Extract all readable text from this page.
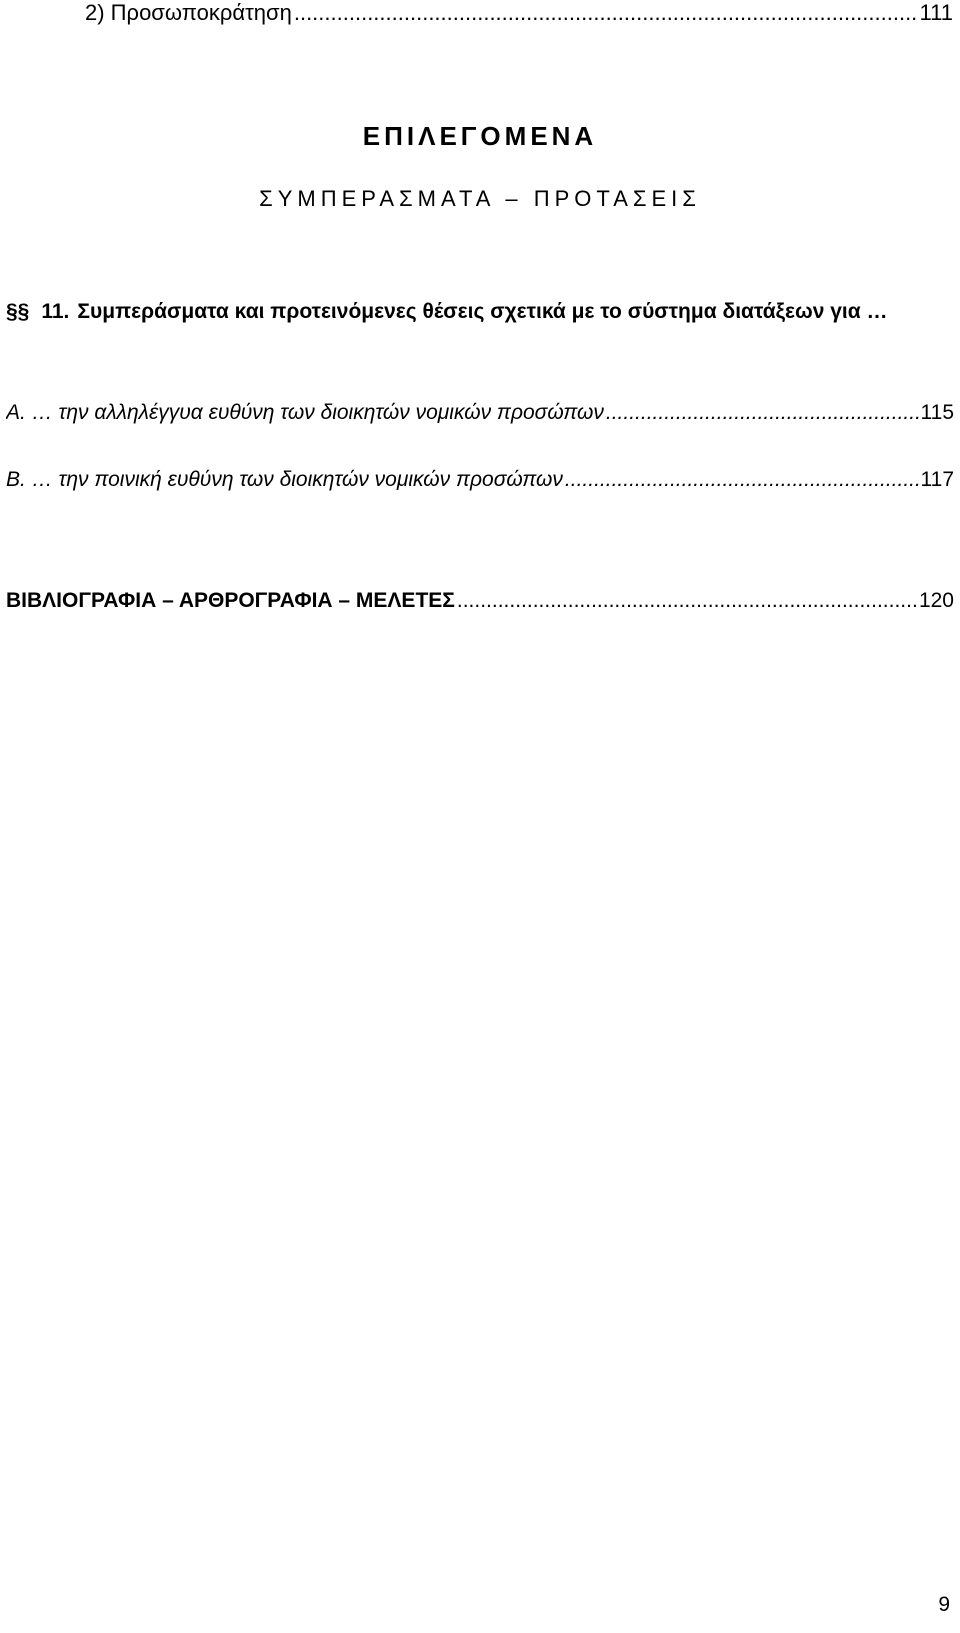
2) Προσωποκράτηση .....	111
ΕΠΙΛΕΓΟΜΕΝΑ
ΣΥΜΠΕΡΑΣΜΑΤΑ – ΠΡΟΤΑΣΕΙΣ
§§ 11. Συμπεράσματα και προτεινόμενες θέσεις σχετικά με το σύστημα διατάξεων για …
Α. … την αλληλέγγυα ευθύνη των διοικητών νομικών προσώπων .....	115
Β. … την ποινική ευθύνη των διοικητών νομικών προσώπων .....	117
ΒΙΒΛΙΟΓΡΑΦΙΑ – ΑΡΘΡΟΓΡΑΦΙΑ – ΜΕΛΕΤΕΣ .....	120
9
